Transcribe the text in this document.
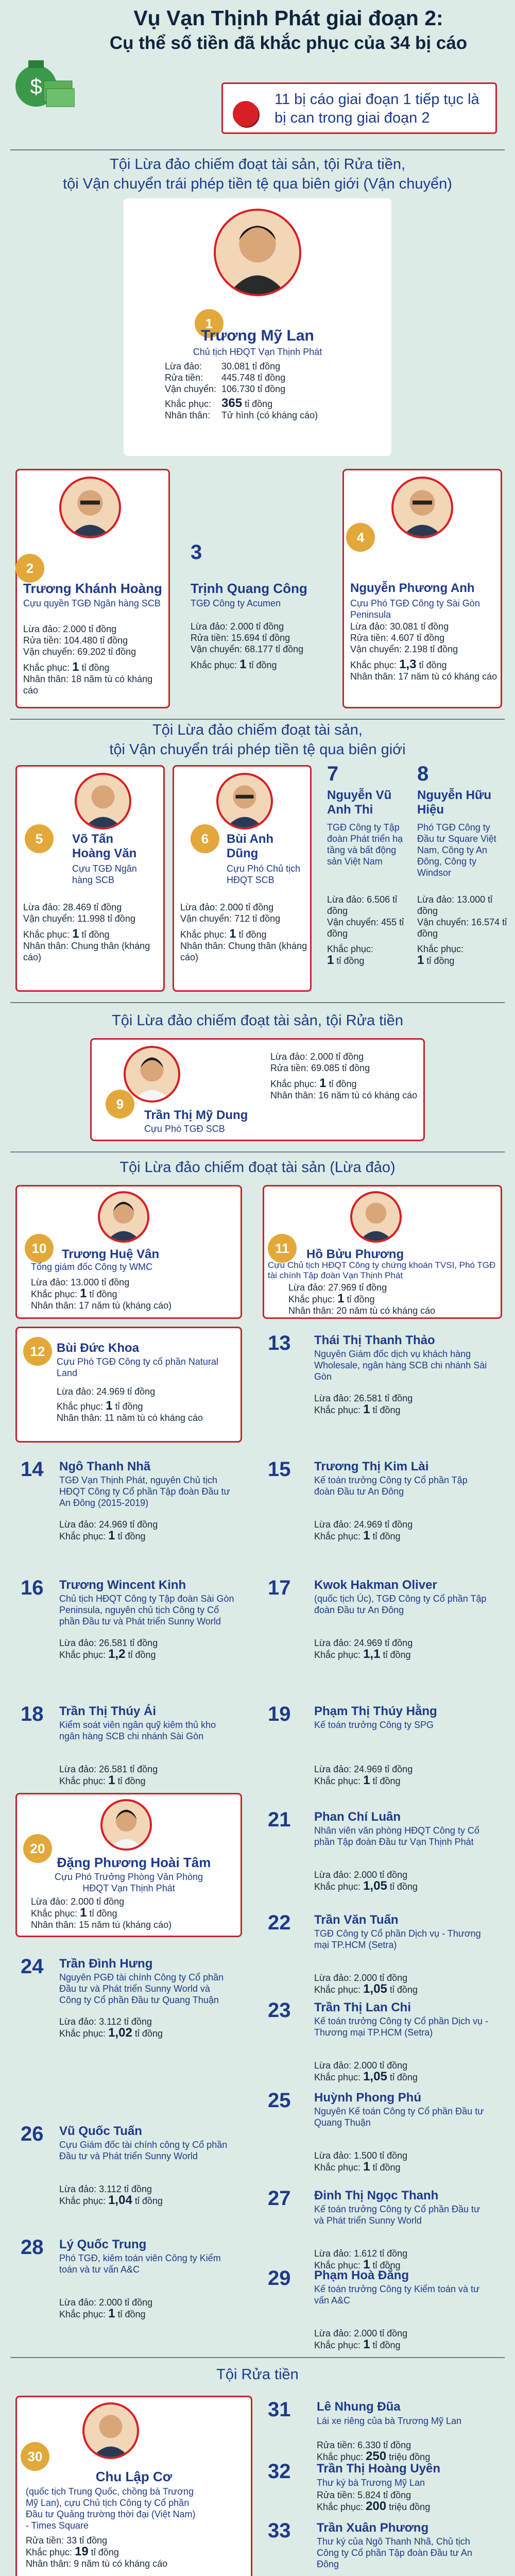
Vụ Vạn Thịnh Phát giai đoạn 2:
Cụ thể số tiền đã khắc phục của 34 bị cáo
$
11 bị cáo giai đoạn 1 tiếp tục là bị can trong giai đoạn 2
Tội Lừa đảo chiếm đoạt tài sản, tội Rửa tiền,
tội Vận chuyển trái phép tiền tệ qua biên giới (Vận chuyển)
1
Trương Mỹ Lan
Chủ tịch HĐQT Vạn Thịnh Phát
Lừa đảo: 30.081 tỉ đồng
Rửa tiền: 445.748 tỉ đồng
Vận chuyển: 106.730 tỉ đồng
Khắc phục: 365 tỉ đồng
Nhân thân: Tử hình (có kháng cáo)
2
Trương Khánh Hoàng
Cựu quyền TGĐ Ngân hàng SCB
Lừa đảo: 2.000 tỉ đồng
Rửa tiền: 104.480 tỉ đồng
Vận chuyển: 69.202 tỉ đồng
Khắc phục: 1 tỉ đồng
Nhân thân: 18 năm tù có kháng cáo
3
Trịnh Quang Công
TGĐ Công ty Acumen
Lừa đảo: 2.000 tỉ đồng
Rửa tiền: 15.694 tỉ đồng
Vận chuyển: 68.177 tỉ đồng
Khắc phục: 1 tỉ đồng
4
Nguyễn Phương Anh
Cựu Phó TGĐ Công ty Sài Gòn Peninsula
Lừa đảo: 30.081 tỉ đồng
Rửa tiền: 4.607 tỉ đồng
Vận chuyển: 2.198 tỉ đồng
Khắc phục: 1,3 tỉ đồng
Nhân thân: 17 năm tù có kháng cáo
Tội Lừa đảo chiếm đoạt tài sản,
tội Vận chuyển trái phép tiền tệ qua biên giới
5	Võ Tấn
Hoàng Văn
Cựu TGĐ Ngân hàng SCB
Lừa đảo: 28.469 tỉ đồng
Vận chuyển: 11.998 tỉ đồng
Khắc phục: 1 tỉ đồng
Nhân thân: Chung thân (kháng cáo)
6	Bùi Anh
Dũng
Cựu Phó Chủ tịch HĐQT SCB
Lừa đảo: 2.000 tỉ đồng
Vận chuyển: 712 tỉ đồng
Khắc phục: 1 tỉ đồng
Nhân thân: Chung thân (kháng cáo)
7
Nguyễn Vũ
Anh Thi
TGĐ Công ty Tập đoàn Phát triển hạ tầng và bất động sản Việt Nam
Lừa đảo: 6.506 tỉ đồng
Vận chuyển: 455 tỉ đồng
Khắc phục:
1 tỉ đồng
8
Nguyễn Hữu
Hiệu
Phó TGĐ Công ty Đầu tư Square Việt Nam, Công ty An Đông, Công ty Windsor
Lừa đảo: 13.000 tỉ đồng
Vận chuyển: 16.574 tỉ đồng
Khắc phục:
1 tỉ đồng
Tội Lừa đảo chiếm đoạt tài sản, tội Rửa tiền
9
Trần Thị Mỹ Dung
Cựu Phó TGĐ SCB
Lừa đảo: 2.000 tỉ đồng
Rửa tiền: 69.085 tỉ đồng
Khắc phục: 1 tỉ đồng
Nhân thân: 16 năm tù có kháng cáo
Tội Lừa đảo chiếm đoạt tài sản (Lừa đảo)
10	Trương Huệ Vân
Tổng giám đốc Công ty WMC
Lừa đảo: 13.000 tỉ đồng
Khắc phục: 1 tỉ đồng
Nhân thân: 17 năm tù (kháng cáo)
11	Hồ Bửu Phương
Cựu Chủ tịch HĐQT Công ty chứng khoán TVSI, Phó TGĐ tài chính Tập đoàn Vạn Thịnh Phát
Lừa đảo: 27.969 tỉ đồng
Khắc phục: 1 tỉ đồng
Nhân thân: 20 năm tù có kháng cáo
12 Bùi Đức Khoa
Cựu Phó TGĐ Công ty cổ phần Natural Land
Lừa đảo: 24.969 tỉ đồng
Khắc phục: 1 tỉ đồng
Nhân thân: 11 năm tù có kháng cáo
13 Thái Thị Thanh Thảo
Nguyên Giám đốc dịch vụ khách hàng Wholesale, ngân hàng SCB chi nhánh Sài Gòn
Lừa đảo: 26.581 tỉ đồng
Khắc phục: 1 tỉ đồng
14 Ngô Thanh Nhã
TGĐ Vạn Thịnh Phát, nguyên Chủ tịch HĐQT Công ty Cổ phần Tập đoàn Đầu tư An Đông (2015-2019)
Lừa đảo: 24.969 tỉ đồng
Khắc phục: 1 tỉ đồng
15 Trương Thị Kim Lài
Kế toán trưởng Công ty Cổ phần Tập đoàn Đầu tư An Đông
Lừa đảo: 24.969 tỉ đồng
Khắc phục: 1 tỉ đồng
16 Trương Wincent Kinh
Chủ tịch HĐQT Công ty Tập đoàn Sài Gòn Peninsula, nguyên chủ tịch Công ty Cổ phần Đầu tư và Phát triển Sunny World
Lừa đảo: 26.581 tỉ đồng
Khắc phục: 1,2 tỉ đồng
17 Kwok Hakman Oliver
(quốc tịch Úc), TGĐ Công ty Cổ phần Tập đoàn Đầu tư An Đông
Lừa đảo: 24.969 tỉ đồng
Khắc phục: 1,1 tỉ đồng
18 Trần Thị Thúy Ái
Kiểm soát viên ngân quỹ kiêm thủ kho ngân hàng SCB chi nhánh Sài Gòn
Lừa đảo: 26.581 tỉ đồng
Khắc phục: 1 tỉ đồng
19 Phạm Thị Thúy Hằng
Kế toán trưởng Công ty SPG
Lừa đảo: 24.969 tỉ đồng
Khắc phục: 1 tỉ đồng
21 Phan Chí Luân
Nhân viên văn phòng HĐQT Công ty Cổ phần Tập đoàn Đầu tư Vạn Thịnh Phát
Lừa đảo: 2.000 tỉ đồng
Khắc phục: 1,05 tỉ đồng
22 Trần Văn Tuấn
TGĐ Công ty Cổ phần Dịch vụ - Thương mại TP.HCM (Setra)
Lừa đảo: 2.000 tỉ đồng
Khắc phục: 1,05 tỉ đồng
23 Trần Thị Lan Chi
Kế toán trưởng Công ty Cổ phần Dịch vụ - Thương mại TP.HCM (Setra)
Lừa đảo: 2.000 tỉ đồng
Khắc phục: 1,05 tỉ đồng
24 Trần Đình Hưng
Nguyên PGĐ tài chính Công ty Cổ phần Đầu tư và Phát triển Sunny World và Công ty Cổ phần Đầu tư Quang Thuận
Lừa đảo: 3.112 tỉ đồng
Khắc phục: 1,02 tỉ đồng
25 Huỳnh Phong Phú
Nguyên Kế toán Công ty Cổ phần Đầu tư Quang Thuận
Lừa đảo: 1.500 tỉ đồng
Khắc phục: 1 tỉ đồng
26 Vũ Quốc Tuấn
Cựu Giám đốc tài chính công ty Cổ phần Đầu tư và Phát triển Sunny World
Lừa đảo: 3.112 tỉ đồng
Khắc phục: 1,04 tỉ đồng	27 Đinh Thị Ngọc Thanh
Kế toán trưởng Công ty Cổ phần Đầu tư và Phát triển Sunny World
Lừa đảo: 1.612 tỉ đồng
Khắc phục: 1 tỉ đồng
28 Lý Quốc Trung
Phó TGĐ, kiêm toán viên Công ty Kiểm toán và tư vấn A&C
Lừa đảo: 2.000 tỉ đồng
Khắc phục: 1 tỉ đồng
29 Phạm Hoà Đẳng
Kế toán trưởng Công ty Kiểm toán và tư vấn A&C
Lừa đảo: 2.000 tỉ đồng
Khắc phục: 1 tỉ đồng
20
Đặng Phương Hoài Tâm
Cựu Phó Trưởng Phòng Văn Phòng HĐQT Vạn Thịnh Phát
Lừa đảo: 2.000 tỉ đồng
Khắc phục: 1 tỉ đồng
Nhân thân: 15 năm tù (kháng cáo)
Tội Rửa tiền
30
Chu Lập Cơ
(quốc tịch Trung Quốc, chồng bà Trương Mỹ Lan), cựu Chủ tịch Công ty Cổ phần Đầu tư Quảng trường thời đại (Việt Nam) - Times Square
Rửa tiền: 33 tỉ đồng
Khắc phục: 19 tỉ đồng
Nhân thân: 9 năm tù có kháng cáo
31 Lê Nhung Đũa
Lái xe riêng của bà Trương Mỹ Lan
Rửa tiền: 6.330 tỉ đồng
Khắc phục: 250 triệu đồng
32 Trần Thị Hoàng Uyên
Thư ký bà Trương Mỹ Lan
Rửa tiền: 5.824 tỉ đồng
Khắc phục: 200 triệu đồng
33 Trần Xuân Phương
Thư ký của Ngô Thanh Nhã, Chủ tịch Công ty Cổ phần Tập đoàn Đầu tư An Đông
